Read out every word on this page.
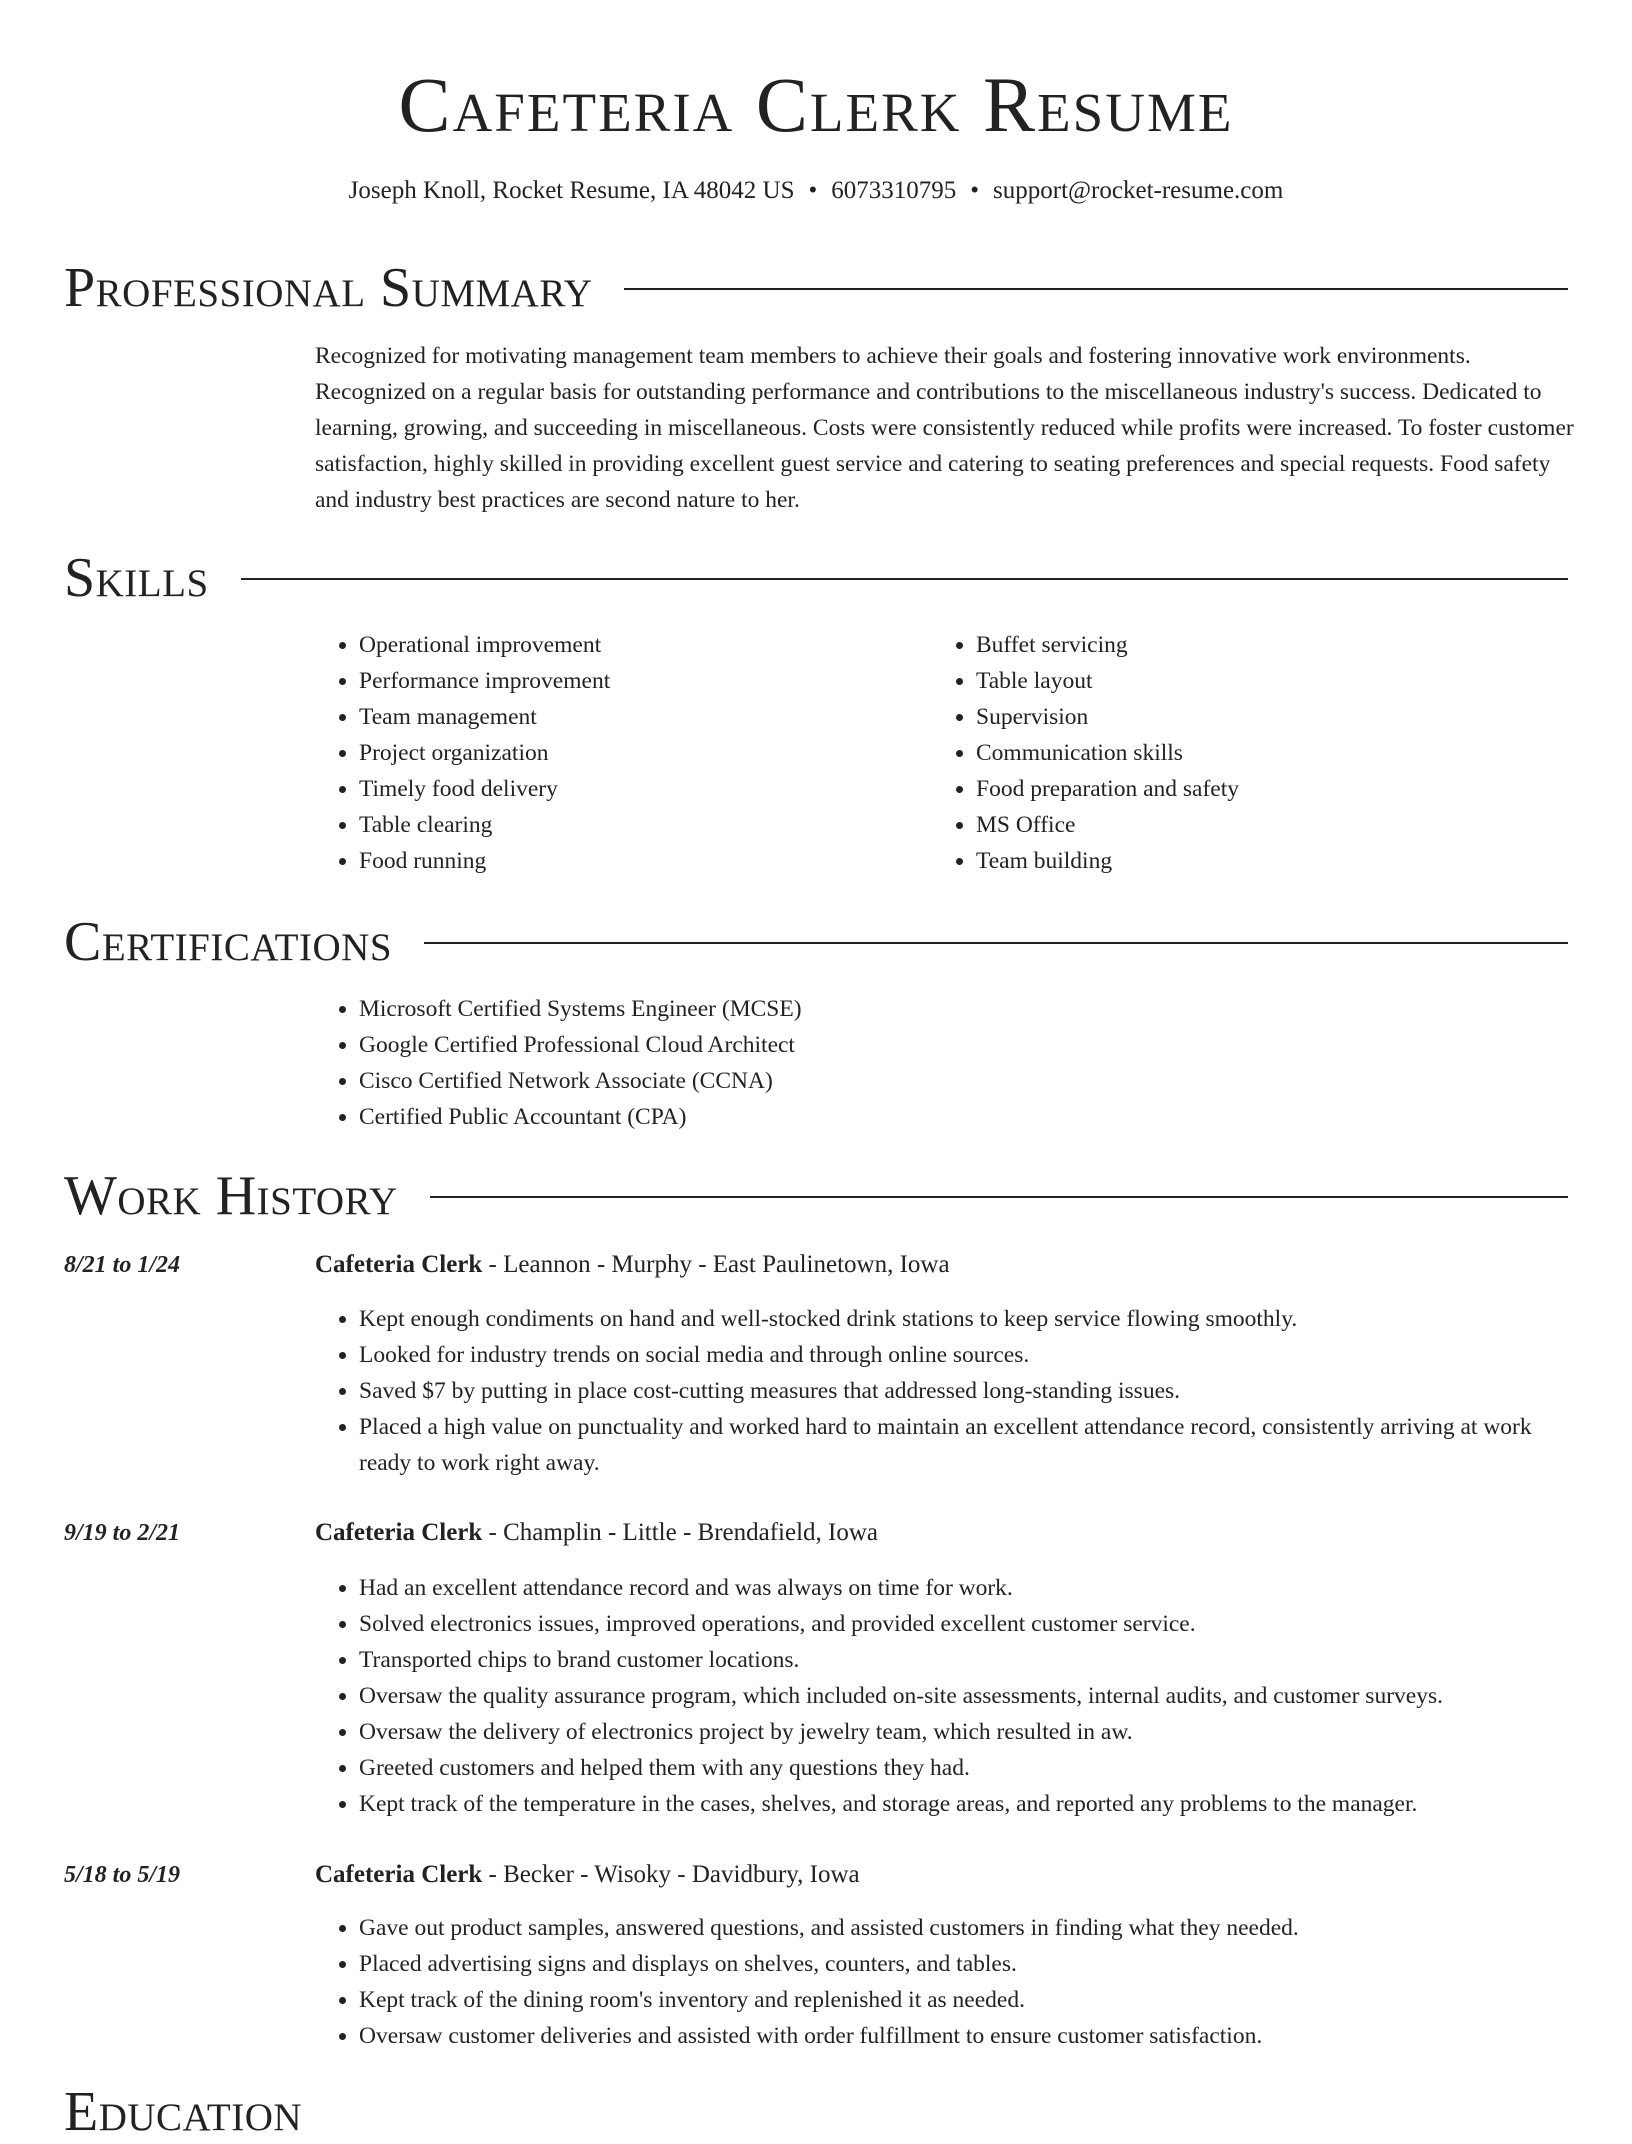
Cafeteria Clerk Resume
Joseph Knoll, Rocket Resume, IA 48042 US • 6073310795 • support@rocket-resume.com
Professional Summary
Recognized for motivating management team members to achieve their goals and fostering innovative work environments. Recognized on a regular basis for outstanding performance and contributions to the miscellaneous industry's success. Dedicated to learning, growing, and succeeding in miscellaneous. Costs were consistently reduced while profits were increased. To foster customer satisfaction, highly skilled in providing excellent guest service and catering to seating preferences and special requests. Food safety and industry best practices are second nature to her.
Skills
• Operational improvement
• Performance improvement
• Team management
• Project organization
• Timely food delivery
• Table clearing
• Food running
• Buffet servicing
• Table layout
• Supervision
• Communication skills
• Food preparation and safety
• MS Office
• Team building
Certifications
• Microsoft Certified Systems Engineer (MCSE)
• Google Certified Professional Cloud Architect
• Cisco Certified Network Associate (CCNA)
• Certified Public Accountant (CPA)
Work History
8/21 to 1/24	Cafeteria Clerk - Leannon - Murphy - East Paulinetown, Iowa
• Kept enough condiments on hand and well-stocked drink stations to keep service flowing smoothly.
• Looked for industry trends on social media and through online sources.
• Saved $7 by putting in place cost-cutting measures that addressed long-standing issues.
• Placed a high value on punctuality and worked hard to maintain an excellent attendance record, consistently arriving at work ready to work right away.
9/19 to 2/21	Cafeteria Clerk - Champlin - Little - Brendafield, Iowa
• Had an excellent attendance record and was always on time for work.
• Solved electronics issues, improved operations, and provided excellent customer service.
• Transported chips to brand customer locations.
• Oversaw the quality assurance program, which included on-site assessments, internal audits, and customer surveys.
• Oversaw the delivery of electronics project by jewelry team, which resulted in aw.
• Greeted customers and helped them with any questions they had.
• Kept track of the temperature in the cases, shelves, and storage areas, and reported any problems to the manager.
5/18 to 5/19	Cafeteria Clerk - Becker - Wisoky - Davidbury, Iowa
• Gave out product samples, answered questions, and assisted customers in finding what they needed.
• Placed advertising signs and displays on shelves, counters, and tables.
• Kept track of the dining room's inventory and replenished it as needed.
• Oversaw customer deliveries and assisted with order fulfillment to ensure customer satisfaction.
Education
